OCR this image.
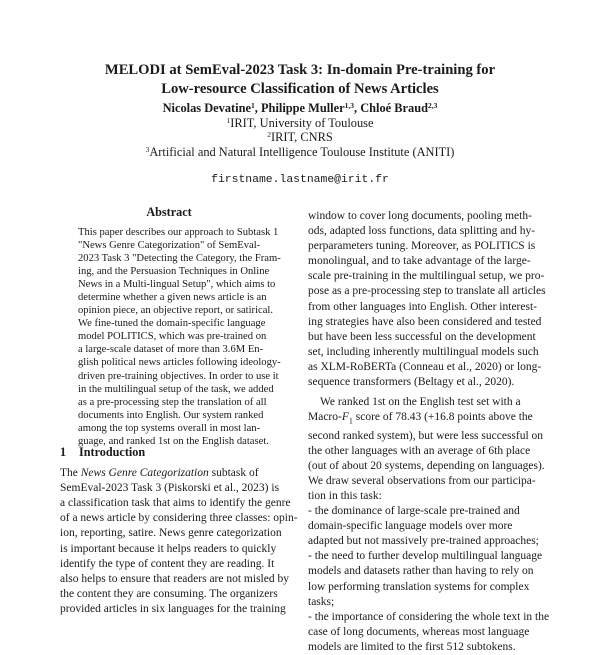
MELODI at SemEval-2023 Task 3: In-domain Pre-training for
Low-resource Classification of News Articles
Nicolas Devatine$^1$, Philippe Muller$^{1,3}$, Chloé Braud$^{2,3}$
$^1$IRIT, University of Toulouse
$^2$IRIT, CNRS
$^3$Artificial and Natural Intelligence Toulouse Institute (ANITI)
firstname.lastname@irit.fr
Abstract
This paper describes our approach to Subtask 1
"News Genre Categorization" of SemEval-
2023 Task 3 "Detecting the Category, the Fram-
ing, and the Persuasion Techniques in Online
News in a Multi-lingual Setup", which aims to
determine whether a given news article is an
opinion piece, an objective report, or satirical.
We fine-tuned the domain-specific language
model POLITICS, which was pre-trained on
a large-scale dataset of more than 3.6M En-
glish political news articles following ideology-
driven pre-training objectives. In order to use it
in the multilingual setup of the task, we added
as a pre-processing step the translation of all
documents into English. Our system ranked
among the top systems overall in most lan-
guage, and ranked 1st on the English dataset.
1 Introduction
The News Genre Categorization subtask of
SemEval-2023 Task 3 (Piskorski et al., 2023) is
a classification task that aims to identify the genre
of a news article by considering three classes: opin-
ion, reporting, satire. News genre categorization
is important because it helps readers to quickly
identify the type of content they are reading. It
also helps to ensure that readers are not misled by
the content they are consuming. The organizers
provided articles in six languages for the training
window to cover long documents, pooling meth-
ods, adapted loss functions, data splitting and hy-
perparameters tuning. Moreover, as POLITICS is
monolingual, and to take advantage of the large-
scale pre-training in the multilingual setup, we pro-
pose as a pre-processing step to translate all articles
from other languages into English. Other interest-
ing strategies have also been considered and tested
but have been less successful on the development
set, including inherently multilingual models such
as XLM-RoBERTa (Conneau et al., 2020) or long-
sequence transformers (Beltagy et al., 2020).
We ranked 1st on the English test set with a
Macro-$F_1$ score of 78.43 (+16.8 points above the
second ranked system), but were less successful on
the other languages with an average of 6th place
(out of about 20 systems, depending on languages).
We draw several observations from our participa-
tion in this task:
- the dominance of large-scale pre-trained and
domain-specific language models over more
adapted but not massively pre-trained approaches;
- the need to further develop multilingual language
models and datasets rather than having to rely on
low performing translation systems for complex
tasks;
- the importance of considering the whole text in the
case of long documents, whereas most language
models are limited to the first 512 subtokens.
